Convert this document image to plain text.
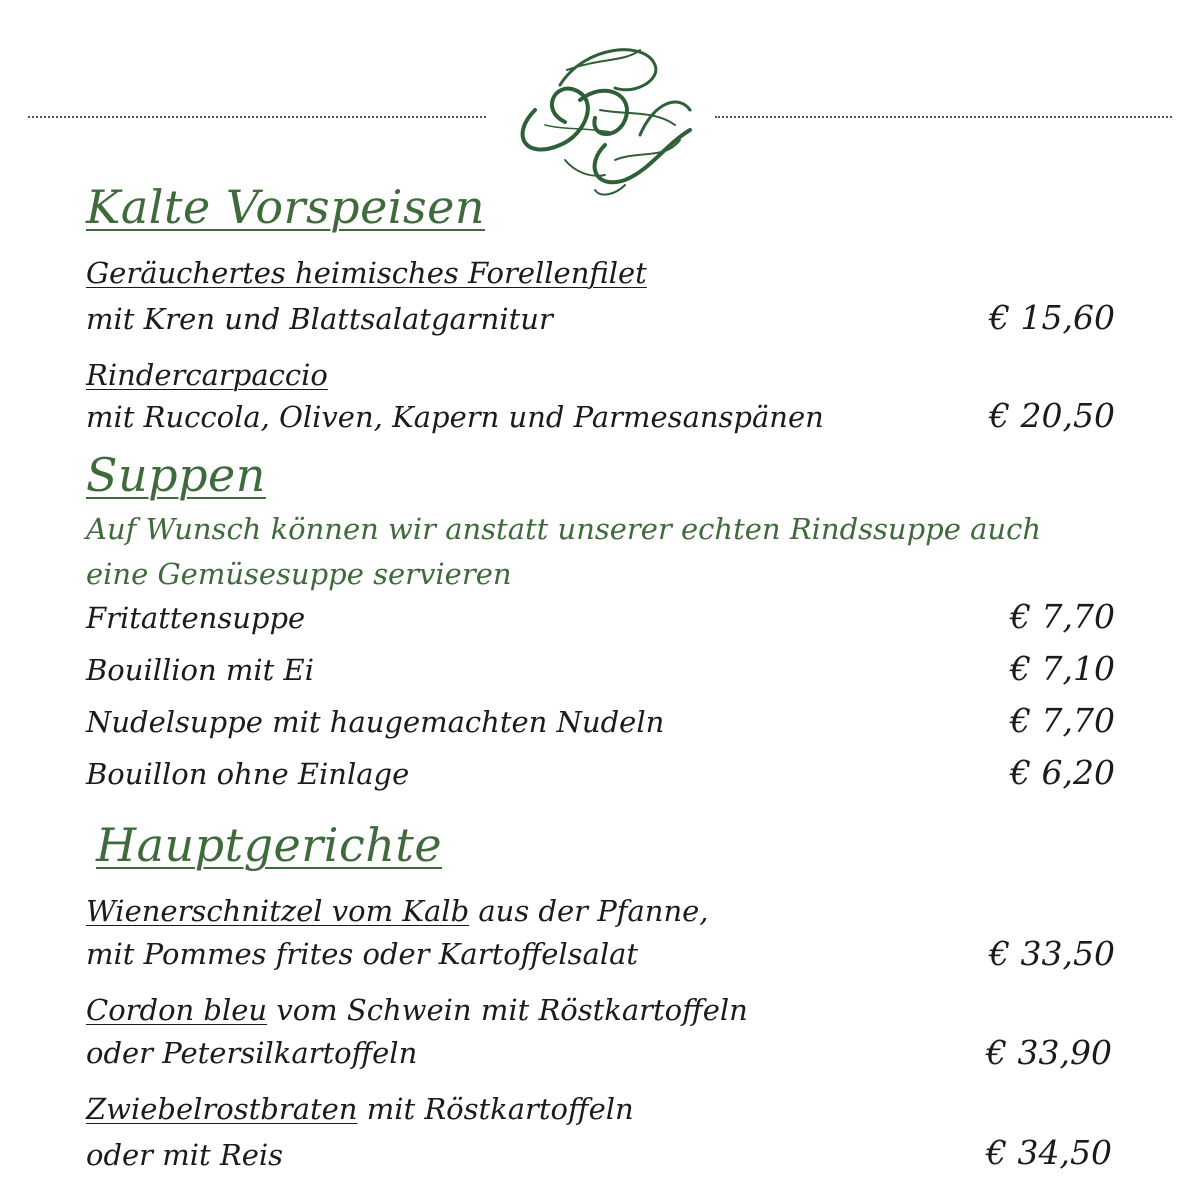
Kalte Vorspeisen
Geräuchertes heimisches Forellenfilet
mit Kren und Blattsalatgarnitur	€ 15,60
Rindercarpaccio
mit Ruccola, Oliven, Kapern und Parmesanspänen	€ 20,50
Suppen
Auf Wunsch können wir anstatt unserer echten Rindssuppe auch
eine Gemüsesuppe servieren
Fritattensuppe	€ 7,70
Bouillion mit Ei	€ 7,10
Nudelsuppe mit haugemachten Nudeln	€ 7,70
Bouillon ohne Einlage	€ 6,20
Hauptgerichte
Wienerschnitzel vom Kalb aus der Pfanne,
mit Pommes frites oder Kartoffelsalat	€ 33,50
Cordon bleu vom Schwein mit Röstkartoffeln
oder Petersilkartoffeln	€ 33,90
Zwiebelrostbraten mit Röstkartoffeln
oder mit Reis	€ 34,50
